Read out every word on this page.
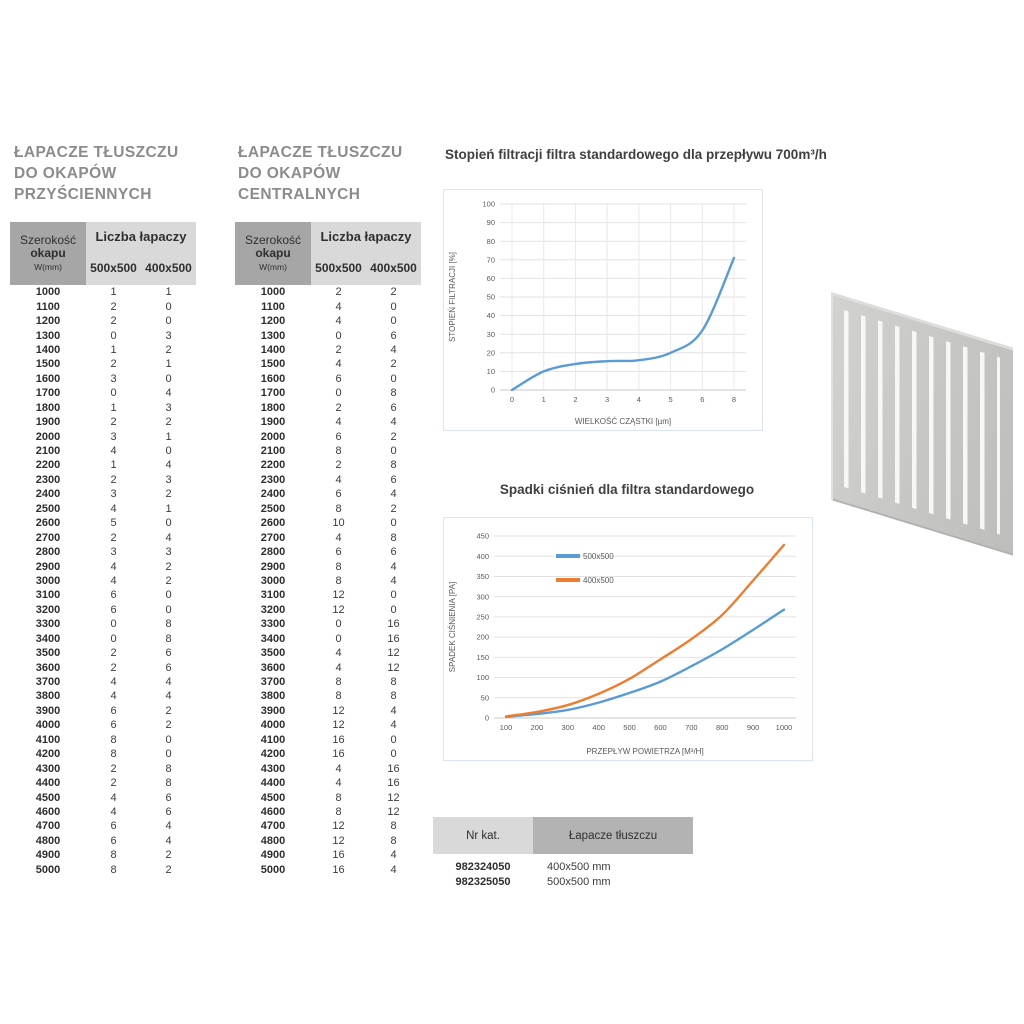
ŁAPACZE TŁUSZCZU
DO OKAPÓW
PRZYŚCIENNYCH
ŁAPACZE TŁUSZCZU
DO OKAPÓW
CENTRALNYCH
Szerokość
okapu
W(mm)
Liczba łapaczy
500x500 400x500
1000	1	1
1100	2	0
1200	2	0
1300	0	3
1400	1	2
1500	2	1
1600	3	0
1700	0	4
1800	1	3
1900	2	2
2000	3	1
2100	4	0
2200	1	4
2300	2	3
2400	3	2
2500	4	1
2600	5	0
2700	2	4
2800	3	3
2900	4	2
3000	4	2
3100	6	0
3200	6	0
3300	0	8
3400	0	8
3500	2	6
3600	2	6
3700	4	4
3800	4	4
3900	6	2
4000	6	2
4100	8	0
4200	8	0
4300	2	8
4400	2	8
4500	4	6
4600	4	6
4700	6	4
4800	6	4
4900	8	2
5000	8	2
Szerokość
okapu
W(mm)
Liczba łapaczy
500x500 400x500
1000	2	2
1100	4	0
1200	4	0
1300	0	6
1400	2	4
1500	4	2
1600	6	0
1700	0	8
1800	2	6
1900	4	4
2000	6	2
2100	8	0
2200	2	8
2300	4	6
2400	6	4
2500	8	2
2600	10	0
2700	4	8
2800	6	6
2900	8	4
3000	8	4
3100	12	0
3200	12	0
3300	0	16
3400	0	16
3500	4	12
3600	4	12
3700	8	8
3800	8	8
3900	12	4
4000	12	4
4100	16	0
4200	16	0
4300	4	16
4400	4	16
4500	8	12
4600	8	12
4700	12	8
4800	12	8
4900	16	4
5000	16	4
Stopień filtracji filtra standardowego dla przepływu 700m³/h
0
10
20
30
40
50
60
70
80
90
100
0	1	2	3	4	5	6	8
WIELKOŚĆ CZĄSTKI [µm]
STOPIEŃ FILTRACJI [%]
Spadki ciśnień dla filtra standardowego
0
50
100
150
200
250
300
350
400
450
100 200 300 400 500 600 700 800 900 1000
PRZEPŁYW POWIETRZA [M³/H]
SPADEK CIŚNIENIA [PA]
500x500
400x500
Nr kat.	Łapacze tłuszczu
982324050	400x500 mm
982325050	500x500 mm
